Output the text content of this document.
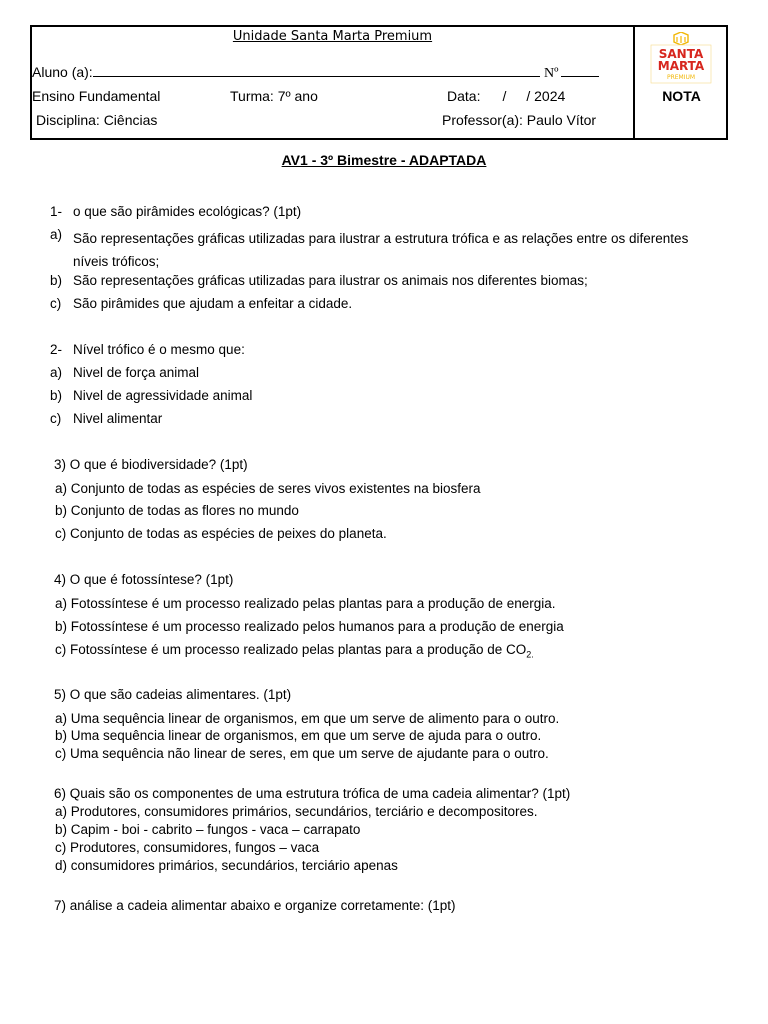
Unidade Santa Marta Premium
Aluno (a):	Nº
Ensino Fundamental	Turma: 7º ano	Data: / / 2024
Disciplina: Ciências	Professor(a): Paulo Vítor
SANTA
MARTA
PREMIUM
NOTA
AV1 - 3º Bimestre - ADAPTADA
1- o que são pirâmides ecológicas? (1pt)
a) São representações gráficas utilizadas para ilustrar a estrutura trófica e as relações entre os diferentes níveis tróficos;
b) São representações gráficas utilizadas para ilustrar os animais nos diferentes biomas;
c) São pirâmides que ajudam a enfeitar a cidade.
2- Nível trófico é o mesmo que:
a) Nivel de força animal
b) Nivel de agressividade animal
c) Nivel alimentar
3) O que é biodiversidade? (1pt)
a) Conjunto de todas as espécies de seres vivos existentes na biosfera
b) Conjunto de todas as flores no mundo
c) Conjunto de todas as espécies de peixes do planeta.
4) O que é fotossíntese? (1pt)
a) Fotossíntese é um processo realizado pelas plantas para a produção de energia.
b) Fotossíntese é um processo realizado pelos humanos para a produção de energia
c) Fotossíntese é um processo realizado pelas plantas para a produção de $CO_{2.}$
5) O que são cadeias alimentares. (1pt)
a) Uma sequência linear de organismos, em que um serve de alimento para o outro.
b) Uma sequência linear de organismos, em que um serve de ajuda para o outro.
c) Uma sequência não linear de seres, em que um serve de ajudante para o outro.
6) Quais são os componentes de uma estrutura trófica de uma cadeia alimentar? (1pt)
a) Produtores, consumidores primários, secundários, terciário e decompositores.
b) Capim - boi - cabrito – fungos - vaca – carrapato
c) Produtores, consumidores, fungos – vaca
d) consumidores primários, secundários, terciário apenas
7) análise a cadeia alimentar abaixo e organize corretamente: (1pt)
